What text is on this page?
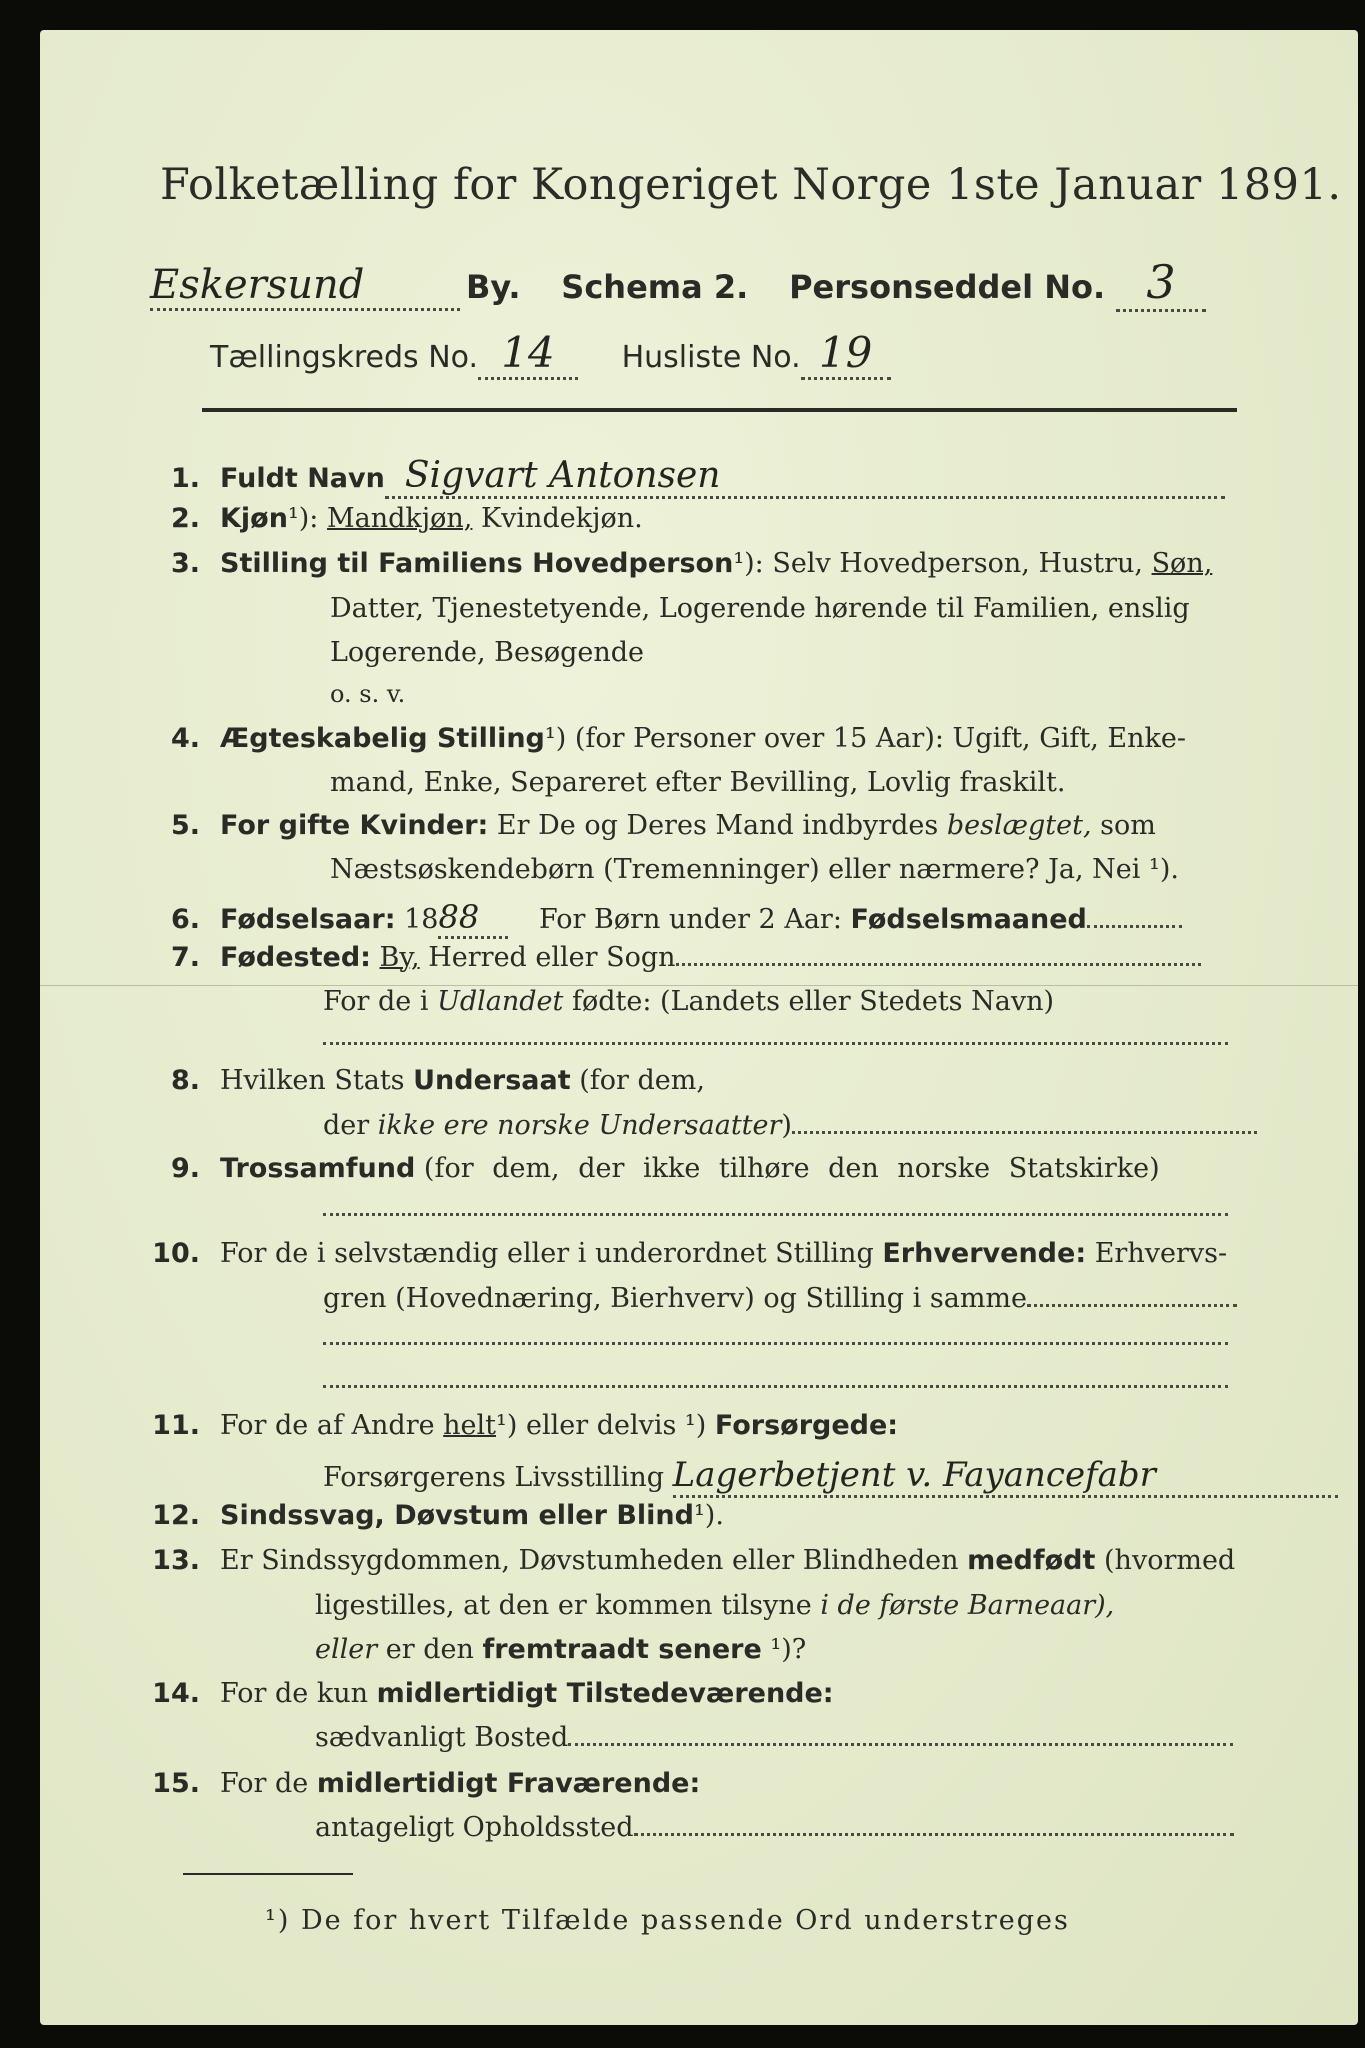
Folketælling for Kongeriget Norge 1ste Januar 1891.
Eskersund	By. Schema 2. Personseddel No. 3
Tællingskreds No. 14 Husliste No. 19
1. Fuldt Navn Sigvart Antonsen
2. Kjøn¹): Mandkjøn, Kvindekjøn.
3. Stilling til Familiens Hovedperson¹): Selv Hovedperson, Hustru, Søn,
Datter, Tjenestetyende, Logerende hørende til Familien, enslig
Logerende, Besøgende
o. s. v.
4. Ægteskabelig Stilling¹) (for Personer over 15 Aar): Ugift, Gift, Enke-
mand, Enke, Separeret efter Bevilling, Lovlig fraskilt.
5. For gifte Kvinder: Er De og Deres Mand indbyrdes beslægtet, som
Næstsøskendebørn (Tremenninger) eller nærmere? Ja, Nei ¹).
6. Fødselsaar: 1888 For Børn under 2 Aar: Fødselsmaaned
7. Fødested: By, Herred eller Sogn
For de i Udlandet fødte: (Landets eller Stedets Navn)
8. Hvilken Stats Undersaat (for dem,
der ikke ere norske Undersaatter)
9. Trossamfund (for dem, der ikke tilhøre den norske Statskirke)
10. For de i selvstændig eller i underordnet Stilling Erhvervende: Erhvervs-
gren (Hovednæring, Bierhverv) og Stilling i samme
11. For de af Andre helt¹) eller delvis ¹) Forsørgede:
Forsørgerens Livsstilling Lagerbetjent v. Fayancefabr
12. Sindssvag, Døvstum eller Blind¹).
13. Er Sindssygdommen, Døvstumheden eller Blindheden medfødt (hvormed
ligestilles, at den er kommen tilsyne i de første Barneaar),
eller er den fremtraadt senere ¹)?
14. For de kun midlertidigt Tilstedeværende:
sædvanligt Bosted
15. For de midlertidigt Fraværende:
antageligt Opholdssted
¹) De for hvert Tilfælde passende Ord understreges
